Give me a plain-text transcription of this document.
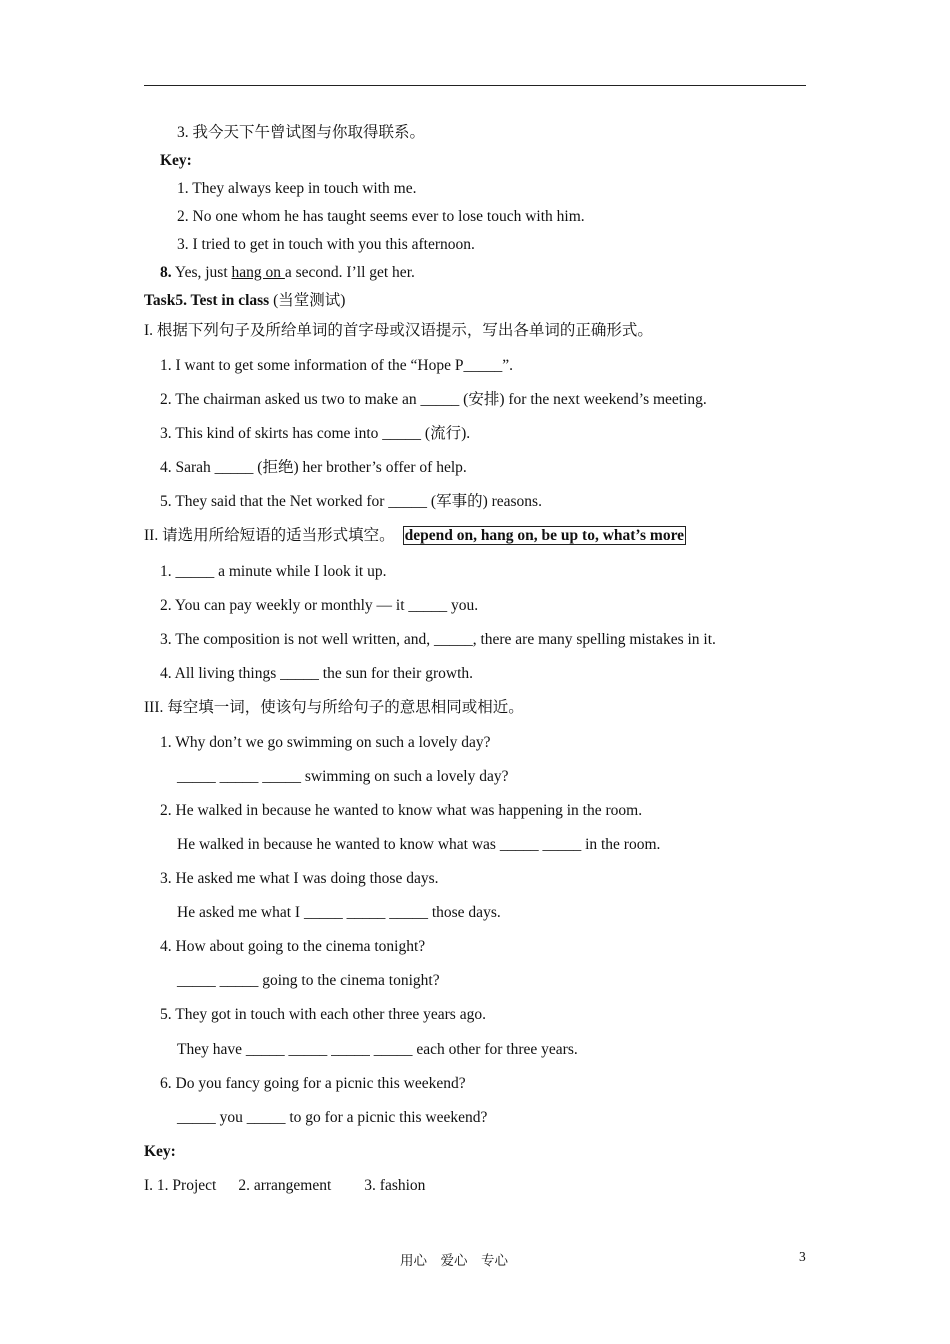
3. 我今天下午曾试图与你取得联系。
Key:
1. They always keep in touch with me.
2. No one whom he has taught seems ever to lose touch with him.
3. I tried to get in touch with you this afternoon.
8. Yes, just hang on a second. I’ll get her.
Task5. Test in class (当堂测试)
I. 根据下列句子及所给单词的首字母或汉语提示，写出各单词的正确形式。
1. I want to get some information of the “Hope P_____”.
2. The chairman asked us two to make an _____ (安排) for the next weekend’s meeting.
3. This kind of skirts has come into _____ (流行).
4. Sarah _____ (拒绝) her brother’s offer of help.
5. They said that the Net worked for _____ (军事的) reasons.
II. 请选用所给短语的适当形式填空。 depend on, hang on, be up to, what’s more
1. _____ a minute while I look it up.
2. You can pay weekly or monthly — it _____ you.
3. The composition is not well written, and, _____, there are many spelling mistakes in it.
4. All living things _____ the sun for their growth.
III. 每空填一词，使该句与所给句子的意思相同或相近。
1. Why don’t we go swimming on such a lovely day?
_____ _____ _____ swimming on such a lovely day?
2. He walked in because he wanted to know what was happening in the room.
He walked in because he wanted to know what was _____ _____ in the room.
3. He asked me what I was doing those days.
He asked me what I _____ _____ _____ those days.
4. How about going to the cinema tonight?
_____ _____ going to the cinema tonight?
5. They got in touch with each other three years ago.
They have _____ _____ _____ _____ each other for three years.
6. Do you fancy going for a picnic this weekend?
_____ you _____ to go for a picnic this weekend?
Key:
I. 1. Project 2. arrangement 3. fashion
用心　爱心　专心	3
